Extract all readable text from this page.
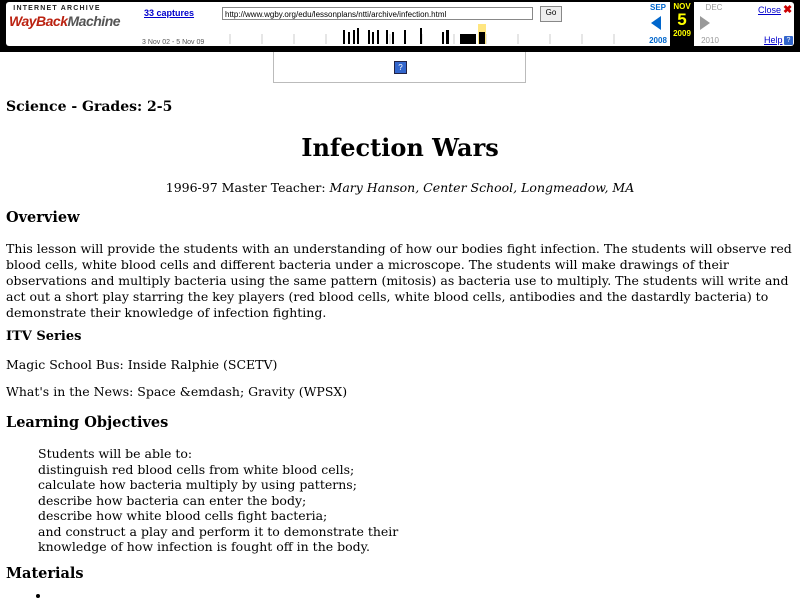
INTERNET ARCHIVE
WayBackMachine	33 captures
3 Nov 02 - 5 Nov 09
http://www.wgby.org/edu/lessonplans/ntti/archive/infection.html	Go
SEP
2008
NOV
5
2009
DEC
2010
Close ✖
Help ?
?
Science - Grades: 2-5
Infection Wars
1996-97 Master Teacher: Mary Hanson, Center School, Longmeadow, MA
Overview
This lesson will provide the students with an understanding of how our bodies fight infection. The students will observe red blood cells, white blood cells and different bacteria under a microscope. The students will make drawings of their observations and multiply bacteria using the same pattern (mitosis) as bacteria use to multiply. The students will write and act out a short play starring the key players (red blood cells, white blood cells, antibodies and the dastardly bacteria) to demonstrate their knowledge of infection fighting.
ITV Series
Magic School Bus: Inside Ralphie (SCETV)
What's in the News: Space &emdash; Gravity (WPSX)
Learning Objectives
Students will be able to:
distinguish red blood cells from white blood cells;
calculate how bacteria multiply by using patterns;
describe how bacteria can enter the body;
describe how white blood cells fight bacteria;
and construct a play and perform it to demonstrate their
knowledge of how infection is fought off in the body.
Materials
